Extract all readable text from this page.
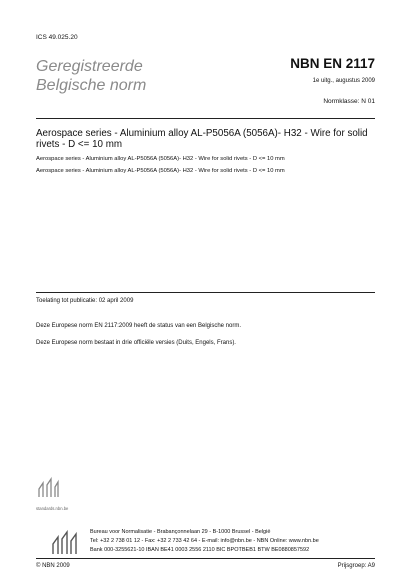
ICS 49.025.20
Geregistreerde
Belgische norm
NBN EN 2117
1e uitg., augustus 2009
Normklasse: N 01
Aerospace series - Aluminium alloy AL-P5056A (5056A)- H32 - Wire for solid rivets - D <= 10 mm
Aerospace series - Aluminium alloy AL-P5056A (5056A)- H32 - Wire for solid rivets - D <= 10 mm
Aerospace series - Aluminium alloy AL-P5056A (5056A)- H32 - Wire for solid rivets - D <= 10 mm
Toelating tot publicatie: 02 april 2009
Deze Europese norm EN 2117:2009 heeft de status van een Belgische norm.
Deze Europese norm bestaat in drie officiële versies (Duits, Engels, Frans).
standards.nbn.be
Bureau voor Normalisatie - Brabançonnelaan 29 - B-1000 Brussel - België
Tel: +32 2 738 01 12 - Fax: +32 2 733 42 64 - E-mail: info@nbn.be - NBN Online: www.nbn.be
Bank 000-3255621-10 IBAN BE41 0003 2556 2110 BIC BPOTBEB1 BTW BE0880857592
© NBN 2009	Prijsgroep: A9
